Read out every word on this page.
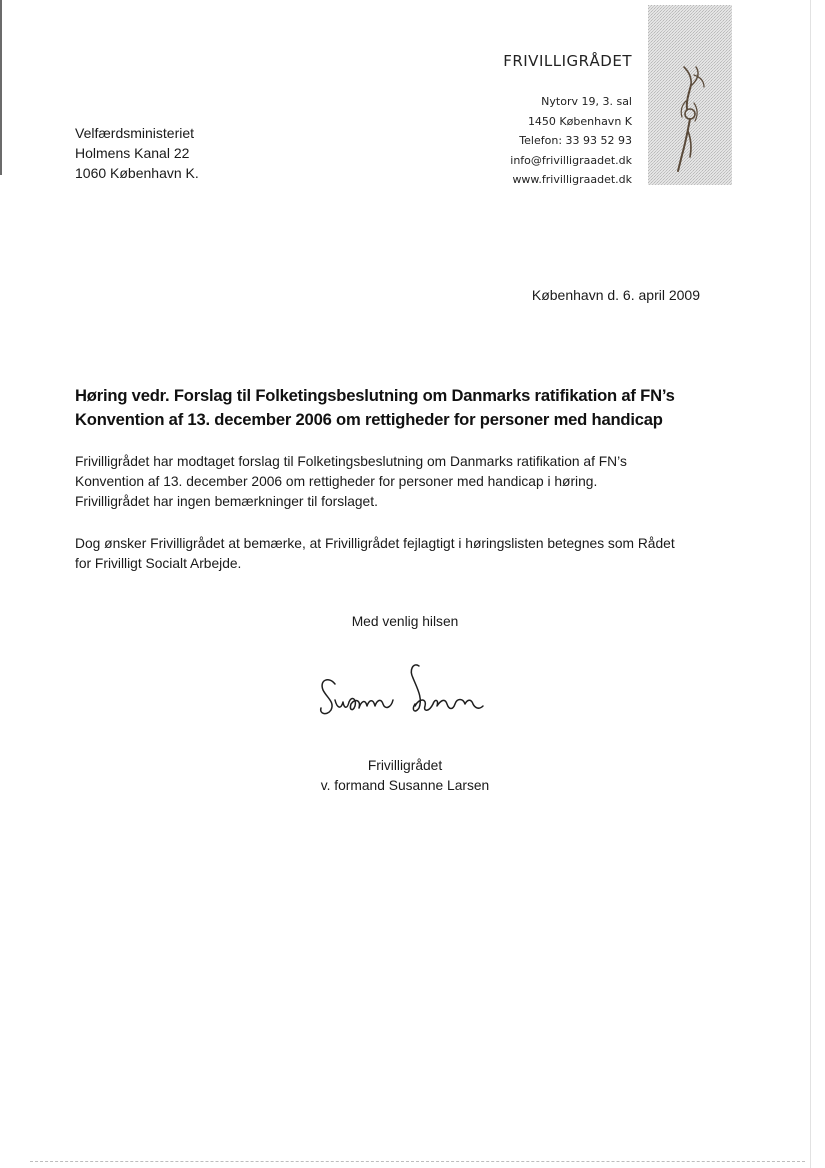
FRIVILLIGRÅDET
Nytorv 19, 3. sal
1450 København K
Telefon: 33 93 52 93
info@frivilligraadet.dk
www.frivilligraadet.dk
Velfærdsministeriet
Holmens Kanal 22
1060 København K.
København d. 6. april 2009
Høring vedr. Forslag til Folketingsbeslutning om Danmarks ratifikation af FN’s
Konvention af 13. december 2006 om rettigheder for personer med handicap
Frivilligrådet har modtaget forslag til Folketingsbeslutning om Danmarks ratifikation af FN’s
Konvention af 13. december 2006 om rettigheder for personer med handicap i høring.
Frivilligrådet har ingen bemærkninger til forslaget.
Dog ønsker Frivilligrådet at bemærke, at Frivilligrådet fejlagtigt i høringslisten betegnes som Rådet
for Frivilligt Socialt Arbejde.
Med venlig hilsen
Frivilligrådet
v. formand Susanne Larsen
